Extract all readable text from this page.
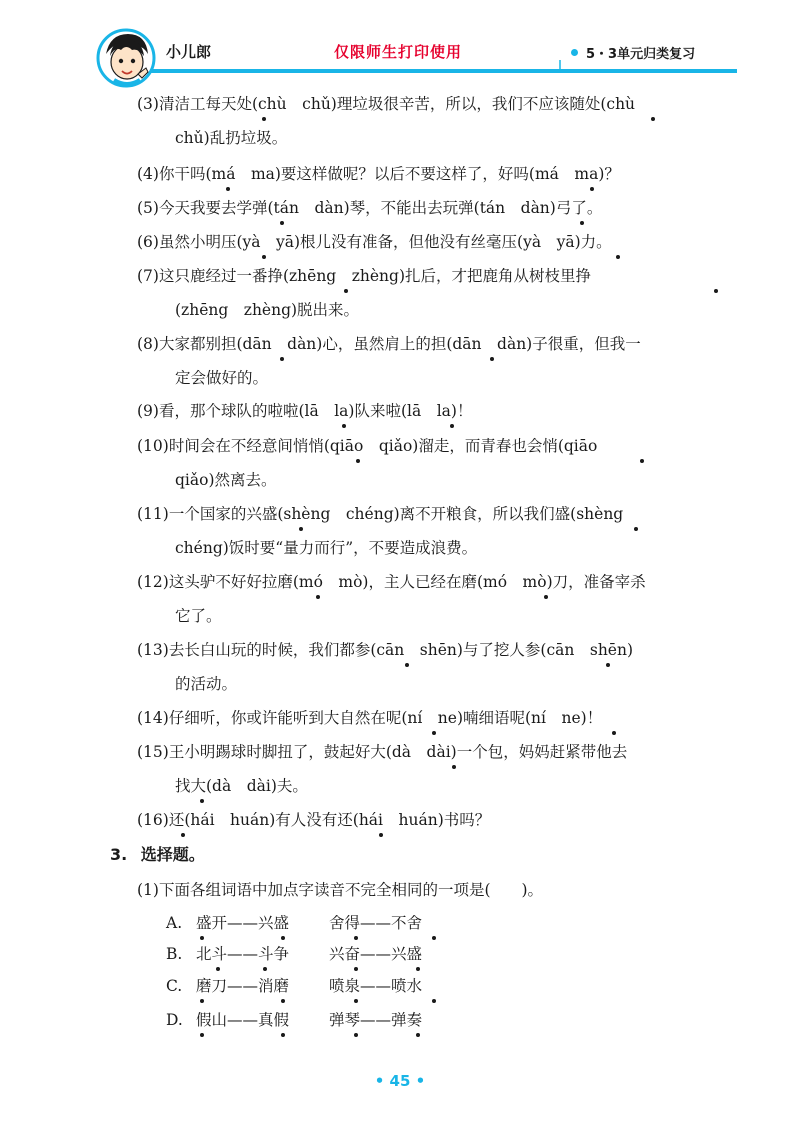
小儿郎	仅限师生打印使用	5・3单元归类复习
(3)清洁工每天处(chù　chǔ)理垃圾很辛苦，所以，我们不应该随处(chù
chǔ)乱扔垃圾。
(4)你干吗(má　ma)要这样做呢？以后不要这样了，好吗(má　ma)？
(5)今天我要去学弹(tán　dàn)琴，不能出去玩弹(tán　dàn)弓了。
(6)虽然小明压(yà　yā)根儿没有准备，但他没有丝毫压(yà　yā)力。
(7)这只鹿经过一番挣(zhēng　zhèng)扎后，才把鹿角从树枝里挣
(zhēng　zhèng)脱出来。
(8)大家都别担(dān　dàn)心，虽然肩上的担(dān　dàn)子很重，但我一
定会做好的。
(9)看，那个球队的啦啦(lā　la)队来啦(lā　la)！
(10)时间会在不经意间悄悄(qiāo　qiǎo)溜走，而青春也会悄(qiāo
qiǎo)然离去。
(11)一个国家的兴盛(shèng　chéng)离不开粮食，所以我们盛(shèng
chéng)饭时要“量力而行”，不要造成浪费。
(12)这头驴不好好拉磨(mó　mò)，主人已经在磨(mó　mò)刀，准备宰杀
它了。
(13)去长白山玩的时候，我们都参(cān　shēn)与了挖人参(cān　shēn)
的活动。
(14)仔细听，你或许能听到大自然在呢(ní　ne)喃细语呢(ní　ne)！
(15)王小明踢球时脚扭了，鼓起好大(dà　dài)一个包，妈妈赶紧带他去
找大(dà　dài)夫。
(16)还(hái　huán)有人没有还(hái　huán)书吗？
3. 选择题。
(1)下面各组词语中加点字读音不完全相同的一项是(　　)。
A. 盛开——兴盛	舍得——不舍
B. 北斗——斗争	兴奋——兴盛
C. 磨刀——消磨	喷泉——喷水
D. 假山——真假	弹琴——弹奏
• 45 •
